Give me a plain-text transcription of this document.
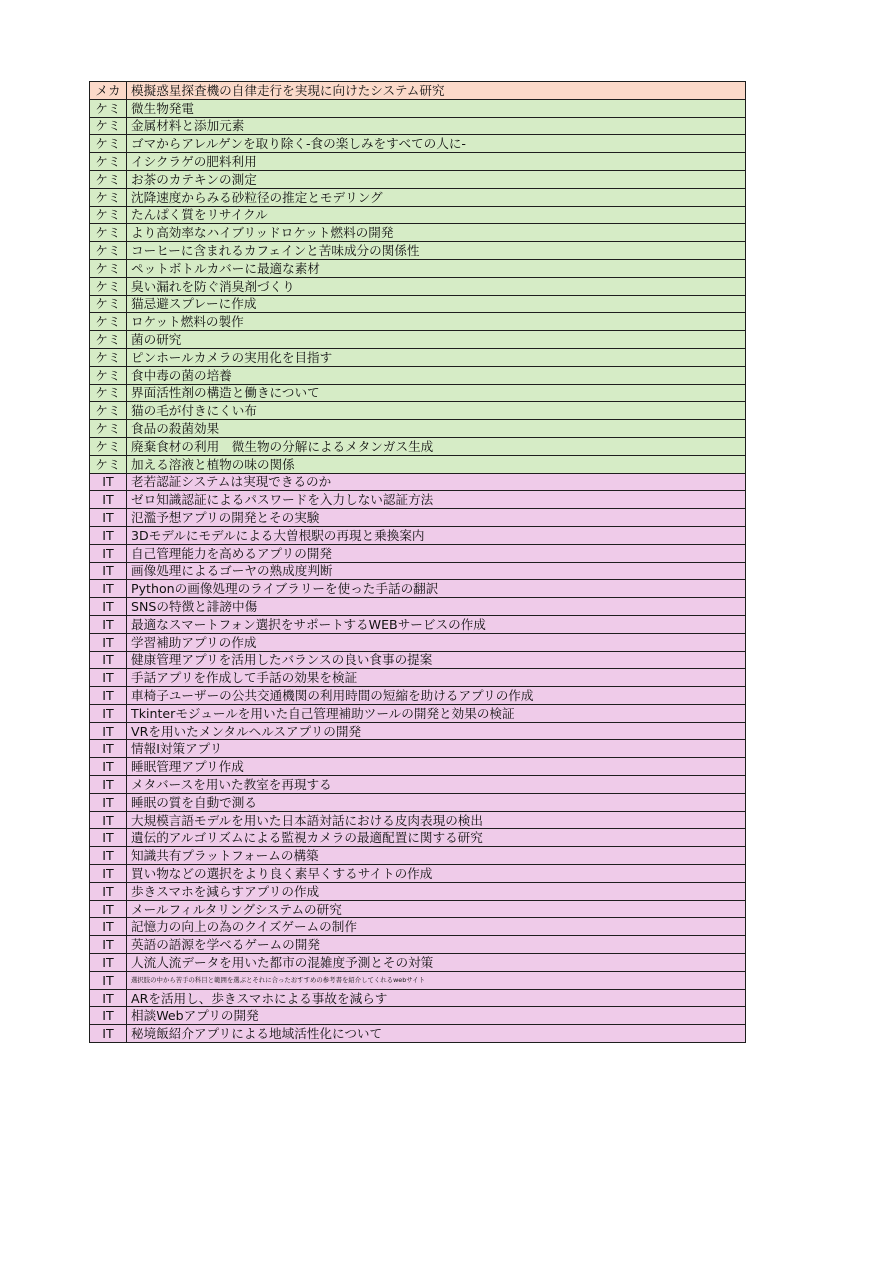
メカ	模擬惑星探査機の自律走行を実現に向けたシステム研究
ケミ	微生物発電
ケミ	金属材料と添加元素
ケミ	ゴマからアレルゲンを取り除く-食の楽しみをすべての人に-
ケミ	イシクラゲの肥料利用
ケミ	お茶のカテキンの測定
ケミ	沈降速度からみる砂粒径の推定とモデリング
ケミ	たんぱく質をリサイクル
ケミ	より高効率なハイブリッドロケット燃料の開発
ケミ	コーヒーに含まれるカフェインと苦味成分の関係性
ケミ	ペットボトルカバーに最適な素材
ケミ	臭い漏れを防ぐ消臭剤づくり
ケミ	猫忌避スプレーに作成
ケミ	ロケット燃料の製作
ケミ	菌の研究
ケミ	ピンホールカメラの実用化を目指す
ケミ	食中毒の菌の培養
ケミ	界面活性剤の構造と働きについて
ケミ	猫の毛が付きにくい布
ケミ	食品の殺菌効果
ケミ	廃棄食材の利用　微生物の分解によるメタンガス生成
ケミ	加える溶液と植物の味の関係
IT	老若認証システムは実現できるのか
IT	ゼロ知識認証によるパスワードを入力しない認証方法
IT	氾濫予想アプリの開発とその実験
IT	3Dモデルにモデルによる大曽根駅の再現と乗換案内
IT	自己管理能力を高めるアプリの開発
IT	画像処理によるゴーヤの熟成度判断
IT	Pythonの画像処理のライブラリーを使った手話の翻訳
IT	SNSの特徴と誹謗中傷
IT	最適なスマートフォン選択をサポートするWEBサービスの作成
IT	学習補助アプリの作成
IT	健康管理アプリを活用したバランスの良い食事の提案
IT	手話アプリを作成して手話の効果を検証
IT	車椅子ユーザーの公共交通機関の利用時間の短縮を助けるアプリの作成
IT	Tkinterモジュールを用いた自己管理補助ツールの開発と効果の検証
IT	VRを用いたメンタルヘルスアプリの開発
IT	情報Ⅰ対策アプリ
IT	睡眠管理アプリ作成
IT	メタバースを用いた教室を再現する
IT	睡眠の質を自動で測る
IT	大規模言語モデルを用いた日本語対話における皮肉表現の検出
IT	遺伝的アルゴリズムによる監視カメラの最適配置に関する研究
IT	知識共有プラットフォームの構築
IT	買い物などの選択をより良く素早くするサイトの作成
IT	歩きスマホを減らすアプリの作成
IT	メールフィルタリングシステムの研究
IT	記憶力の向上の為のクイズゲームの制作
IT	英語の語源を学べるゲームの開発
IT	人流人流データを用いた都市の混雑度予測とその対策
IT	選択肢の中から苦手の科目と範囲を選ぶとそれに合ったおすすめの参考書を紹介してくれるwebサイト
IT	ARを活用し、歩きスマホによる事故を減らす
IT	相談Webアプリの開発
IT	秘境飯紹介アプリによる地域活性化について
